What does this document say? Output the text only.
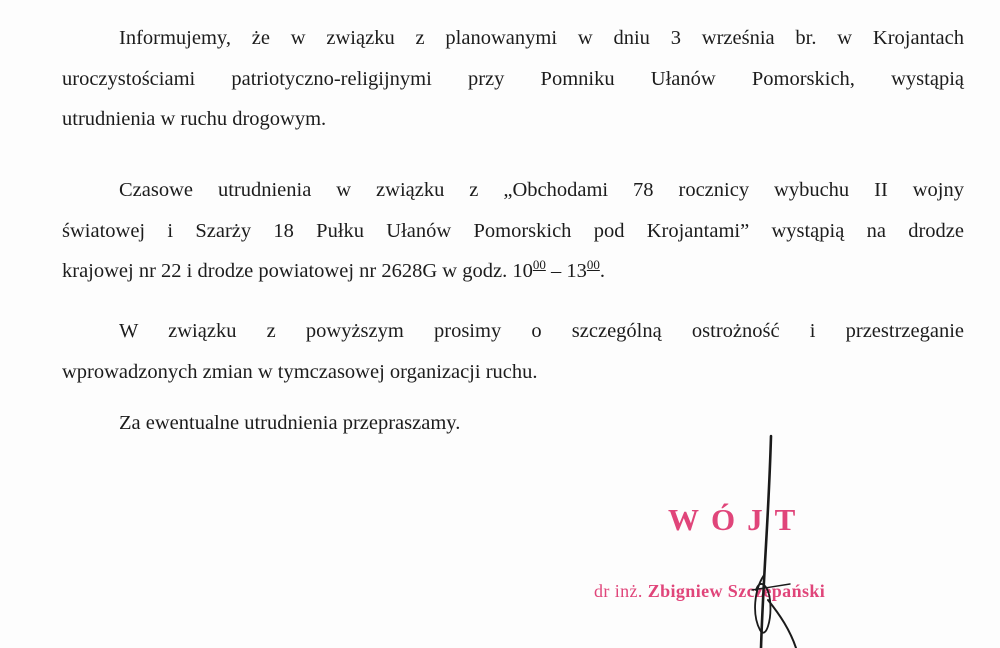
Informujemy, że w związku z planowanymi w dniu 3 września br. w Krojantach
uroczystościami patriotyczno-religijnymi przy Pomniku Ułanów Pomorskich, wystąpią
utrudnienia w ruchu drogowym.

Czasowe utrudnienia w związku z „Obchodami 78 rocznicy wybuchu II wojny
światowej i Szarży 18 Pułku Ułanów Pomorskich pod Krojantami” wystąpią na drodze
krajowej nr 22 i drodze powiatowej nr 2628G w godz. $10^{00} - 13^{00}$.

W związku z powyższym prosimy o szczególną ostrożność i przestrzeganie
wprowadzonych zmian w tymczasowej organizacji ruchu.

Za ewentualne utrudnienia przepraszamy.

WÓJT
dr inż. Zbigniew Szczepański
